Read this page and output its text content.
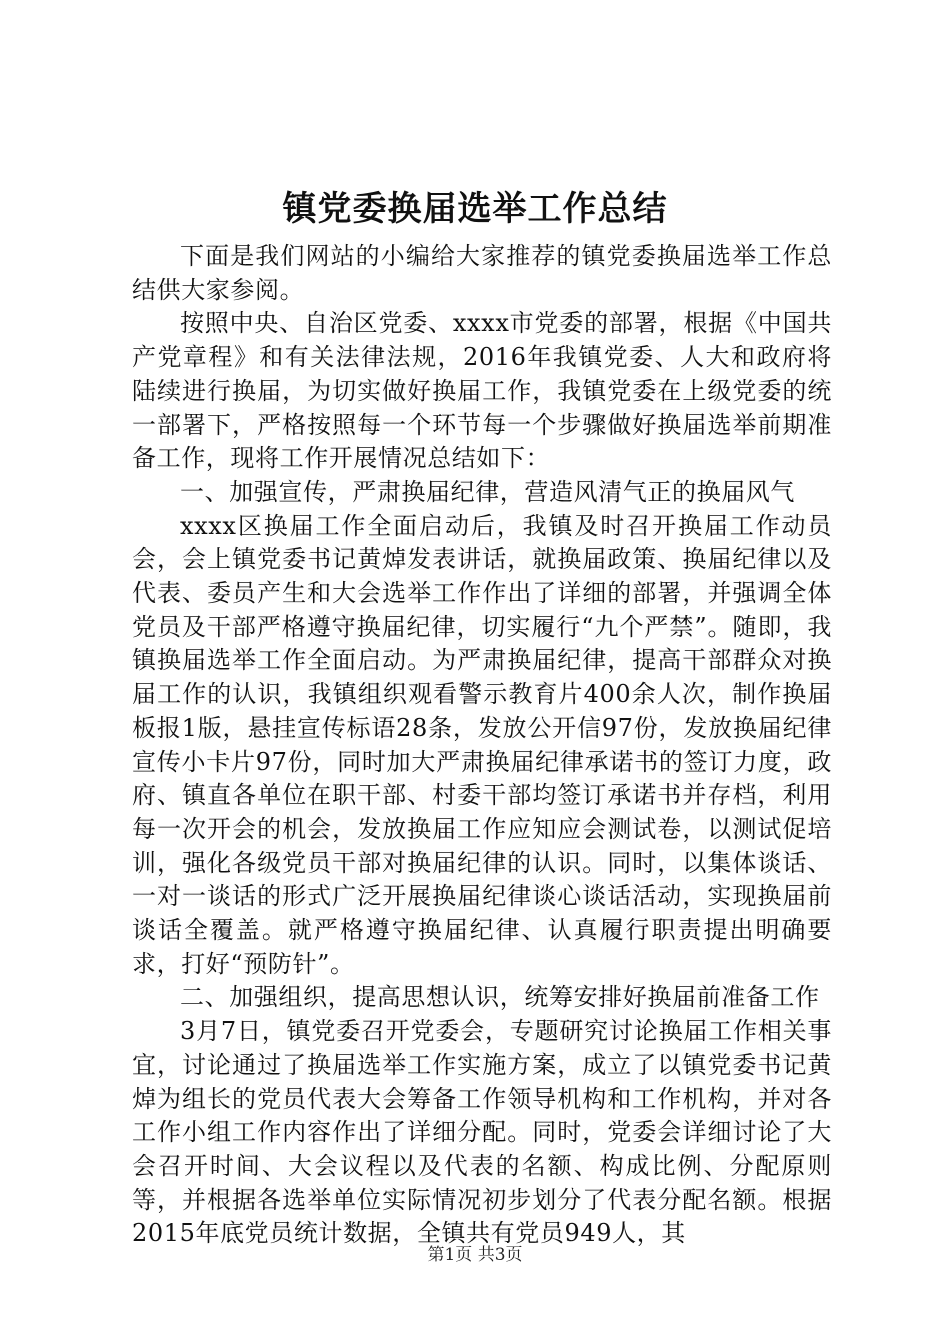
镇党委换届选举工作总结

下面是我们网站的小编给大家推荐的镇党委换届选举工作总结供大家参阅。

按照中央、自治区党委、xxxx市党委的部署，根据《中国共产党章程》和有关法律法规，2016年我镇党委、人大和政府将陆续进行换届，为切实做好换届工作，我镇党委在上级党委的统一部署下，严格按照每一个环节每一个步骤做好换届选举前期准备工作，现将工作开展情况总结如下：

一、加强宣传，严肃换届纪律，营造风清气正的换届风气

xxxx区换届工作全面启动后，我镇及时召开换届工作动员会，会上镇党委书记黄焯发表讲话，就换届政策、换届纪律以及代表、委员产生和大会选举工作作出了详细的部署，并强调全体党员及干部严格遵守换届纪律，切实履行“九个严禁”。随即，我镇换届选举工作全面启动。为严肃换届纪律，提高干部群众对换届工作的认识，我镇组织观看警示教育片400余人次，制作换届板报1版，悬挂宣传标语28条，发放公开信97份，发放换届纪律宣传小卡片97份，同时加大严肃换届纪律承诺书的签订力度，政府、镇直各单位在职干部、村委干部均签订承诺书并存档，利用每一次开会的机会，发放换届工作应知应会测试卷，以测试促培训，强化各级党员干部对换届纪律的认识。同时，以集体谈话、一对一谈话的形式广泛开展换届纪律谈心谈话活动，实现换届前谈话全覆盖。就严格遵守换届纪律、认真履行职责提出明确要求，打好“预防针”。

二、加强组织，提高思想认识，统筹安排好换届前准备工作

3月7日，镇党委召开党委会，专题研究讨论换届工作相关事宜，讨论通过了换届选举工作实施方案，成立了以镇党委书记黄焯为组长的党员代表大会筹备工作领导机构和工作机构，并对各工作小组工作内容作出了详细分配。同时，党委会详细讨论了大会召开时间、大会议程以及代表的名额、构成比例、分配原则等，并根据各选举单位实际情况初步划分了代表分配名额。根据2015年底党员统计数据，全镇共有党员949人，其

第1页 共3页
